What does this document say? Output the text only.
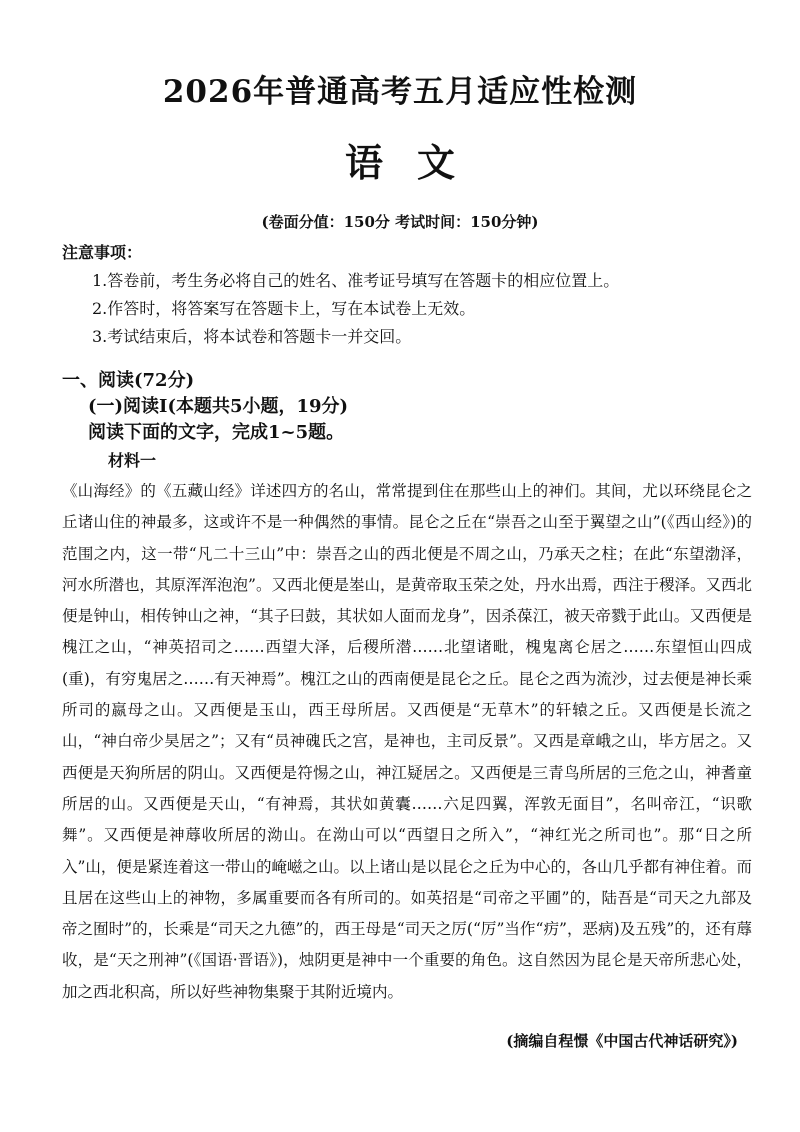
2026年普通高考五月适应性检测
语文
(卷面分值：150分 考试时间：150分钟)
注意事项：
1.答卷前，考生务必将自己的姓名、准考证号填写在答题卡的相应位置上。
2.作答时，将答案写在答题卡上，写在本试卷上无效。
3.考试结束后，将本试卷和答题卡一并交回。
一、阅读(72分)
(一)阅读Ⅰ(本题共5小题，19分)
阅读下面的文字，完成1~5题。
材料一
《山海经》的《五藏山经》详述四方的名山，常常提到住在那些山上的神们。其间，尤以环绕昆仑之丘诸山住的神最多，这或许不是一种偶然的事情。昆仑之丘在“崇吾之山至于翼望之山”(《西山经》)的范围之内，这一带“凡二十三山”中：崇吾之山的西北便是不周之山，乃承天之柱；在此“东望渤泽，河水所潜也，其原浑浑泡泡”。又西北便是峚山，是黄帝取玉荣之处，丹水出焉，西注于稷泽。又西北便是钟山，相传钟山之神，“其子曰鼓，其状如人面而龙身”，因杀葆江，被天帝戮于此山。又西便是槐江之山，“神英招司之……西望大泽，后稷所潜……北望诸毗，槐鬼离仑居之……东望恒山四成(重)，有穷鬼居之……有天神焉”。槐江之山的西南便是昆仑之丘。昆仑之西为流沙，过去便是神长乘所司的嬴母之山。又西便是玉山，西王母所居。又西便是“无草木”的轩辕之丘。又西便是长流之山，“神白帝少昊居之”；又有“员神磈氏之宫，是神也，主司反景”。又西是章峨之山，毕方居之。又西便是天狗所居的阴山。又西便是符惕之山，神江疑居之。又西便是三青鸟所居的三危之山，神耆童所居的山。又西便是天山，“有神焉，其状如黄囊……六足四翼，浑敦无面目”，名叫帝江，“识歌舞”。又西便是神蓐收所居的泑山。在泑山可以“西望日之所入”，“神红光之所司也”。那“日之所入”山，便是紧连着这一带山的崦嵫之山。以上诸山是以昆仑之丘为中心的，各山几乎都有神住着。而且居在这些山上的神物，多属重要而各有所司的。如英招是“司帝之平圃”的，陆吾是“司天之九部及帝之囿时”的，长乘是“司天之九德”的，西王母是“司天之厉(“厉”当作“疠”，恶病)及五残”的，还有蓐收，是“天之刑神”(《国语·晋语》)，烛阴更是神中一个重要的角色。这自然因为昆仑是天帝所悲心处，加之西北积高，所以好些神物集聚于其附近境内。
(摘编自程憬《中国古代神话研究》)
